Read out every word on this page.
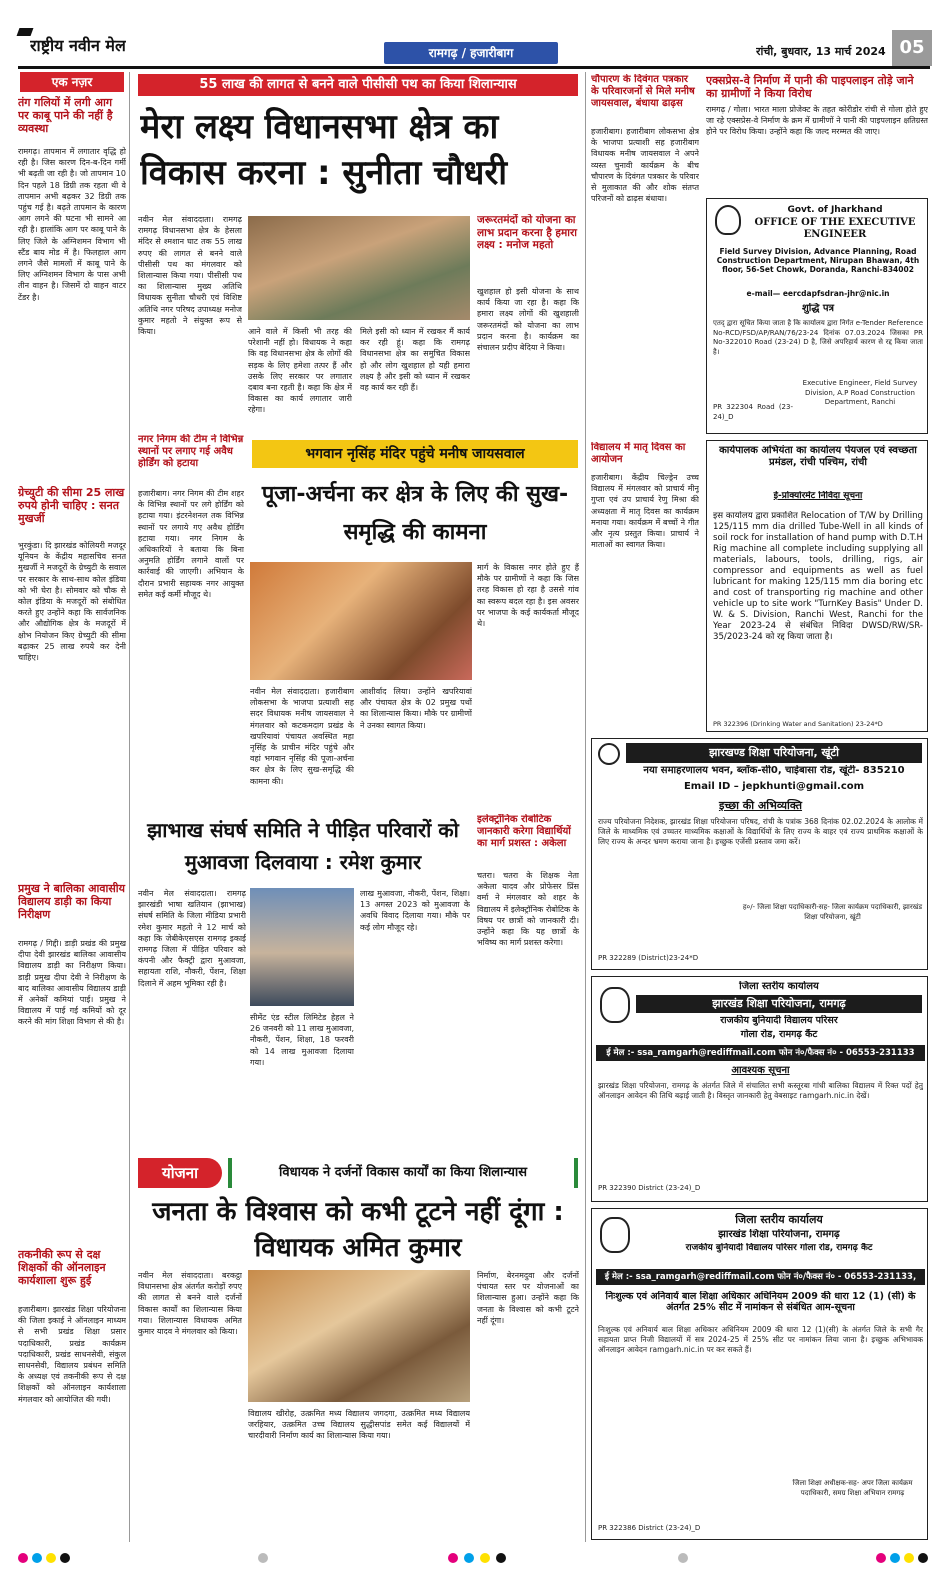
राष्ट्रीय नवीन मेल	रामगढ़ / हजारीबाग	रांची, बुधवार, 13 मार्च 2024 05
एक नज़र
तंग गलियों में लगी आग पर काबू पाने की नहीं है व्यवस्था
रामगढ़। तापमान में लगातार वृद्धि हो रही है। जिस कारण दिन-ब-दिन गर्मी भी बढ़ती जा रही है। जो तापमान 10 दिन पहले 18 डिग्री तक रहता थी वे तापमान अभी बढ़कर 32 डिग्री तक पहुंच गई है। बढ़ते तापमान के कारण आग लगने की घटना भी सामने आ रही है। हालांकि आग पर काबू पाने के लिए जिले के अग्निशमन विभाग भी स्टैंड बाय मोड में है। फिलहाल आग लगने जैसे मामलों में काबू पाने के लिए अग्निशमन विभाग के पास अभी तीन वाहन है। जिसमें दो वाहन वाटर टेंडर है।
ग्रेच्युटी की सीमा 25 लाख रुपये होनी चाहिए : सनत मुखर्जी
भुरकुंडा। दि झारखंड कोलियरी मजदूर यूनियन के केंद्रीय महासचिव सनत मुखर्जी ने मजदूरों के ग्रेच्युटी के सवाल पर सरकार के साथ-साथ कोल इंडिया को भी घेरा है। सोमवार को चौक से कोल इंडिया के मजदूरों को संबोधित करते हुए उन्होंने कहा कि सार्वजनिक और औद्योगिक क्षेत्र के मजदूरों में क्षोभ नियोजन किए ग्रेच्युटी की सीमा बढ़ाकर 25 लाख रुपये कर देनी चाहिए।
प्रमुख ने बालिका आवासीय विद्यालय डाड़ी का किया निरीक्षण
रामगढ़ / गिद्दी। डाड़ी प्रखंड की प्रमुख दीपा देवी झारखंड बालिका आवासीय विद्यालय डाड़ी का निरीक्षण किया। डाड़ी प्रमुख दीपा देवी ने निरीक्षण के बाद बालिका आवासीय विद्यालय डाड़ी में अनेकों कमियां पाई। प्रमुख ने विद्यालय में पाई गई कमियों को दूर करने की मांग शिक्षा विभाग से की है।
तकनीकी रूप से दक्ष शिक्षकों की ऑनलाइन कार्यशाला शुरू हुई
हजारीबाग। झारखंड शिक्षा परियोजना की जिला इकाई ने ऑनलाइन माध्यम से सभी प्रखंड शिक्षा प्रसार पदाधिकारी, प्रखंड कार्यक्रम पदाधिकारी, प्रखंड साधनसेवी, संकुल साधनसेवी, विद्यालय प्रबंधन समिति के अध्यक्ष एवं तकनीकी रूप से दक्ष शिक्षकों को ऑनलाइन कार्यशाला मंगलवार को आयोजित की गयी।
55 लाख की लागत से बनने वाले पीसीसी पथ का किया शिलान्यास
मेरा लक्ष्य विधानसभा क्षेत्र का विकास करना : सुनीता चौधरी
जरूरतमंदों को योजना का लाभ प्रदान करना है हमारा लक्ष्य : मनोज महतो
नवीन मेल संवाददाता। रामगढ़ रामगढ़ विधानसभा क्षेत्र के हेसला मंदिर से श्मशान घाट तक 55 लाख रुपए की लागत से बनने वाले पीसीसी पथ का मंगलवार को शिलान्यास किया गया। पीसीसी पथ का शिलान्यास मुख्य अतिथि विधायक सुनीता चौधरी एवं विशिष्ट अतिथि नगर परिषद उपाध्यक्ष मनोज कुमार महतो ने संयुक्त रूप से किया।	आने वाले में किसी भी तरह की परेशानी नहीं हो। विधायक ने कहा कि वह विधानसभा क्षेत्र के लोगों की सड़क के लिए हमेशा तत्पर हैं और उसके लिए सरकार पर लगातार दबाव बना रहती है। कहा कि क्षेत्र में विकास का कार्य लगातार जारी रहेगा।
मिले इसी को ध्यान में रखकर मैं कार्य कर रही हूं। कहा कि रामगढ़ विधानसभा क्षेत्र का समुचित विकास हो और लोग खुशहाल हो यही हमारा लक्ष्य है और इसी को ध्यान में रखकर वह कार्य कर रही हैं।
खुशहाल हो इसी योजना के साथ कार्य किया जा रहा है। कहा कि हमारा लक्ष्य लोगों की खुशहाली जरूरतमंदों को योजना का लाभ प्रदान करना है। कार्यक्रम का संचालन प्रदीप बेदिया ने किया।
नगर निगम की टीम ने विभिन्न स्थानों पर लगाए गई अवैध होर्डिंग को हटाया
हजारीबाग। नगर निगम की टीम शहर के विभिन्न स्थानों पर लगे होर्डिंग को हटाया गया। इंटरनेशनल तक विभिन्न स्थानों पर लगाये गए अवैध होर्डिंग हटाया गया। नगर निगम के अधिकारियों ने बताया कि बिना अनुमति होर्डिंग लगाने वालों पर कार्रवाई की जाएगी। अभियान के दौरान प्रभारी सहायक नगर आयुक्त समेत कई कर्मी मौजूद थे।
भगवान नृसिंह मंदिर पहुंचे मनीष जायसवाल
पूजा-अर्चना कर क्षेत्र के लिए की सुख-समृद्धि की कामना
नवीन मेल संवाददाता। हजारीबाग लोकसभा के भाजपा प्रत्याशी सह सदर विधायक मनीष जायसवाल ने मंगलवार को कटकमदाग प्रखंड के खपरियावां पंचायत अवस्थित महा नृसिंह के प्राचीन मंदिर पहुंचे और वहां भगवान नृसिंह की पूजा-अर्चना कर क्षेत्र के लिए सुख-समृद्धि की कामना की।
आशीर्वाद लिया। उन्होंने खपरियावां और पंचायत क्षेत्र के 02 प्रमुख पथों का शिलान्यास किया। मौके पर ग्रामीणों ने उनका स्वागत किया।
मार्ग के विकास नगर होते हुए हैं मौके पर ग्रामीणों ने कहा कि जिस तरह विकास हो रहा है उससे गांव का स्वरूप बदल रहा है। इस अवसर पर भाजपा के कई कार्यकर्ता मौजूद थे।
झाभाख संघर्ष समिति ने पीड़ित परिवारों को मुआवजा दिलवाया : रमेश कुमार
नवीन मेल संवाददाता। रामगढ़ झारखंडी भाषा खतियान (झाभाख) संघर्ष समिति के जिला मीडिया प्रभारी रमेश कुमार महतो ने 12 मार्च को कहा कि जेबीकेएसएस रामगढ़ इकाई रामगढ़ जिला में पीड़ित परिवार को कंपनी और फैक्ट्री द्वारा मुआवजा, सहायता राशि, नौकरी, पेंशन, शिक्षा दिलाने में अहम भूमिका रही है।
सीमेंट एंड स्टील लिमिटेड हेहल ने 26 जनवरी को 11 लाख मुआवजा, नौकरी, पेंशन, शिक्षा, 18 फरवरी को 14 लाख मुआवजा दिलाया गया।
लाख मुआवजा, नौकरी, पेंशन, शिक्षा। 13 अगस्त 2023 को मुआवजा के अवधि विवाद दिलाया गया। मौके पर कई लोग मौजूद रहे।
इलेक्ट्रॉनिक रोबोटिक जानकारी करेगा विद्यार्थियों का मार्ग प्रशस्त : अकेला
चतरा। चतरा के शिक्षक नेता अकेला यादव और प्रोफेसर प्रिंस वर्मा ने मंगलवार को शहर के विद्यालय में इलेक्ट्रॉनिक रोबोटिक के विषय पर छात्रों को जानकारी दी। उन्होंने कहा कि यह छात्रों के भविष्य का मार्ग प्रशस्त करेगा।
योजना	विधायक ने दर्जनों विकास कार्यों का किया शिलान्यास
जनता के विश्वास को कभी टूटने नहीं दूंगा : विधायक अमित कुमार
नवीन मेल संवाददाता। बरकट्ठा विधानसभा क्षेत्र अंतर्गत करोड़ों रुपए की लागत से बनने वाले दर्जनों विकास कार्यों का शिलान्यास किया गया। शिलान्यास विधायक अमित कुमार यादव ने मंगलवार को किया।
विद्यालय खीरोह, उत्क्रमित मध्य विद्यालय जगदगा, उत्क्रमित मध्य विद्यालय जरहियार, उत्क्रमित उच्च विद्यालय सुद्धीसपांड समेत कई विद्यालयों में चारदीवारी निर्माण कार्य का शिलान्यास किया गया।
निर्माण, बेरनमदुवा और दर्जनों पंचायत स्तर पर योजनाओं का शिलान्यास हुआ। उन्होंने कहा कि जनता के विश्वास को कभी टूटने नहीं दूंगा।
चौपारण के दिवंगत पत्रकार के परिवारजनों से मिले मनीष जायसवाल, बंधाया ढाढ़स
हजारीबाग। हजारीबाग लोकसभा क्षेत्र के भाजपा प्रत्याशी सह हजारीबाग विधायक मनीष जायसवाल ने अपने व्यस्त चुनावी कार्यक्रम के बीच चौपारण के दिवंगत पत्रकार के परिवार से मुलाकात की और शोक संतप्त परिजनों को ढाढ़स बंधाया।
विद्यालय में मातृ दिवस का आयोजन
हजारीबाग। केंद्रीय चिल्ड्रेन उच्च विद्यालय में मंगलवार को प्राचार्य मीनू गुप्ता एवं उप प्राचार्य रेणु मिश्रा की अध्यक्षता में मातृ दिवस का कार्यक्रम मनाया गया। कार्यक्रम में बच्चों ने गीत और नृत्य प्रस्तुत किया। प्राचार्य ने माताओं का स्वागत किया।
एक्सप्रेस-वे निर्माण में पानी की पाइपलाइन तोड़े जाने का ग्रामीणों ने किया विरोध
रामगढ़ / गोला। भारत माला प्रोजेक्ट के तहत कोरीडोर रांची से गोला होते हुए जा रहे एक्सप्रेस-वे निर्माण के क्रम में ग्रामीणों ने पानी की पाइपलाइन क्षतिग्रस्त होने पर विरोध किया। उन्होंने कहा कि जल्द मरम्मत की जाए।
Govt. of Jharkhand
OFFICE OF THE EXECUTIVE ENGINEER
Field Survey Division, Advance Planning, Road Construction Department, Nirupan Bhawan, 4th floor, 56-Set Chowk, Doranda, Ranchi-834002
e-mail— eercdapfsdran-jhr@nic.in
शुद्धि पत्र
एतद् द्वारा सूचित किया जाता है कि कार्यालय द्वारा निर्गत e-Tender Reference No-RCD/FSD/AP/RAN/76/23-24 दिनांक 07.03.2024 जिसका PR No-322010 Road (23-24) D है, जिसे अपरिहार्य कारण से रद्द किया जाता है।
Executive Engineer, Field Survey Division, A.P Road Construction Department, Ranchi
PR 322304 Road (23-24)_D
कार्यपालक अभियंता का कार्यालय पेयजल एवं स्वच्छता प्रमंडल, रांची पश्चिम, रांची
ई-प्रोक्योरमेंट निविदा सूचना
इस कार्यालय द्वारा प्रकाशित Relocation of T/W by Drilling 125/115 mm dia drilled Tube-Well in all kinds of soil rock for installation of hand pump with D.T.H Rig machine all complete including supplying all materials, labours, tools, drilling, rigs, air compressor and equipments as well as fuel lubricant for making 125/115 mm dia boring etc and cost of transporting rig machine and other vehicle up to site work "TurnKey Basis" Under D. W. & S. Division, Ranchi West, Ranchi for the Year 2023-24 से संबंधित निविदा DWSD/RW/SR-35/2023-24 को रद्द किया जाता है।
PR 322396 (Drinking Water and Sanitation) 23-24*D
झारखण्ड शिक्षा परियोजना, खूंटी
नया समाहरणालय भवन, ब्लॉक-सी0, चाईबासा रोड, खूंटी- 835210
Email ID – jepkhunti@gmail.com
इच्छा की अभिव्यक्ति
राज्य परियोजना निदेशक, झारखंड शिक्षा परियोजना परिषद, रांची के पत्रांक 368 दिनांक 02.02.2024 के आलोक में जिले के माध्यमिक एवं उच्चतर माध्यमिक कक्षाओं के विद्यार्थियों के लिए राज्य के बाहर एवं राज्य प्राथमिक कक्षाओं के लिए राज्य के अन्दर भ्रमण कराया जाना है। इच्छुक एजेंसी प्रस्ताव जमा करें।
ह०/- जिला शिक्षा पदाधिकारी-सह- जिला कार्यक्रम पदाधिकारी, झारखंड शिक्षा परियोजना, खूंटी
PR 322289 (District)23-24*D
जिला स्तरीय कार्यालय
झारखंड शिक्षा परियोजना, रामगढ़
राजकीय बुनियादी विद्यालय परिसर
गोला रोड, रामगढ़ कैंट
ई मेल :- ssa_ramgarh@rediffmail.com फोन नं०/फैक्स नं० - 06553-231133
आवश्यक सूचना
झारखंड शिक्षा परियोजना, रामगढ़ के अंतर्गत जिले में संचालित सभी कस्तूरबा गांधी बालिका विद्यालय में रिक्त पदों हेतु ऑनलाइन आवेदन की तिथि बढ़ाई जाती है। विस्तृत जानकारी हेतु वेबसाइट ramgarh.nic.in देखें।
PR 322390 District (23-24)_D
जिला स्तरीय कार्यालय
झारखंड शिक्षा परियोजना, रामगढ़
राजकीय बुनियादी विद्यालय परिसर गोला रोड, रामगढ़ कैंट
ई मेल :- ssa_ramgarh@rediffmail.com फोन नं०/फैक्स नं० - 06553-231133,
निःशुल्क एवं अनिवार्य बाल शिक्षा अधिकार अधिनियम 2009 की धारा 12 (1) (सी) के अंतर्गत 25% सीट में नामांकन से संबंधित आम-सूचना
निःशुल्क एवं अनिवार्य बाल शिक्षा अधिकार अधिनियम 2009 की धारा 12 (1)(सी) के अंतर्गत जिले के सभी गैर सहायता प्राप्त निजी विद्यालयों में सत्र 2024-25 में 25% सीट पर नामांकन लिया जाना है। इच्छुक अभिभावक ऑनलाइन आवेदन ramgarh.nic.in पर कर सकते हैं।
जिला शिक्षा अधीक्षक-सह- अपर जिला कार्यक्रम पदाधिकारी, समग्र शिक्षा अभियान रामगढ़
PR 322386 District (23-24)_D
